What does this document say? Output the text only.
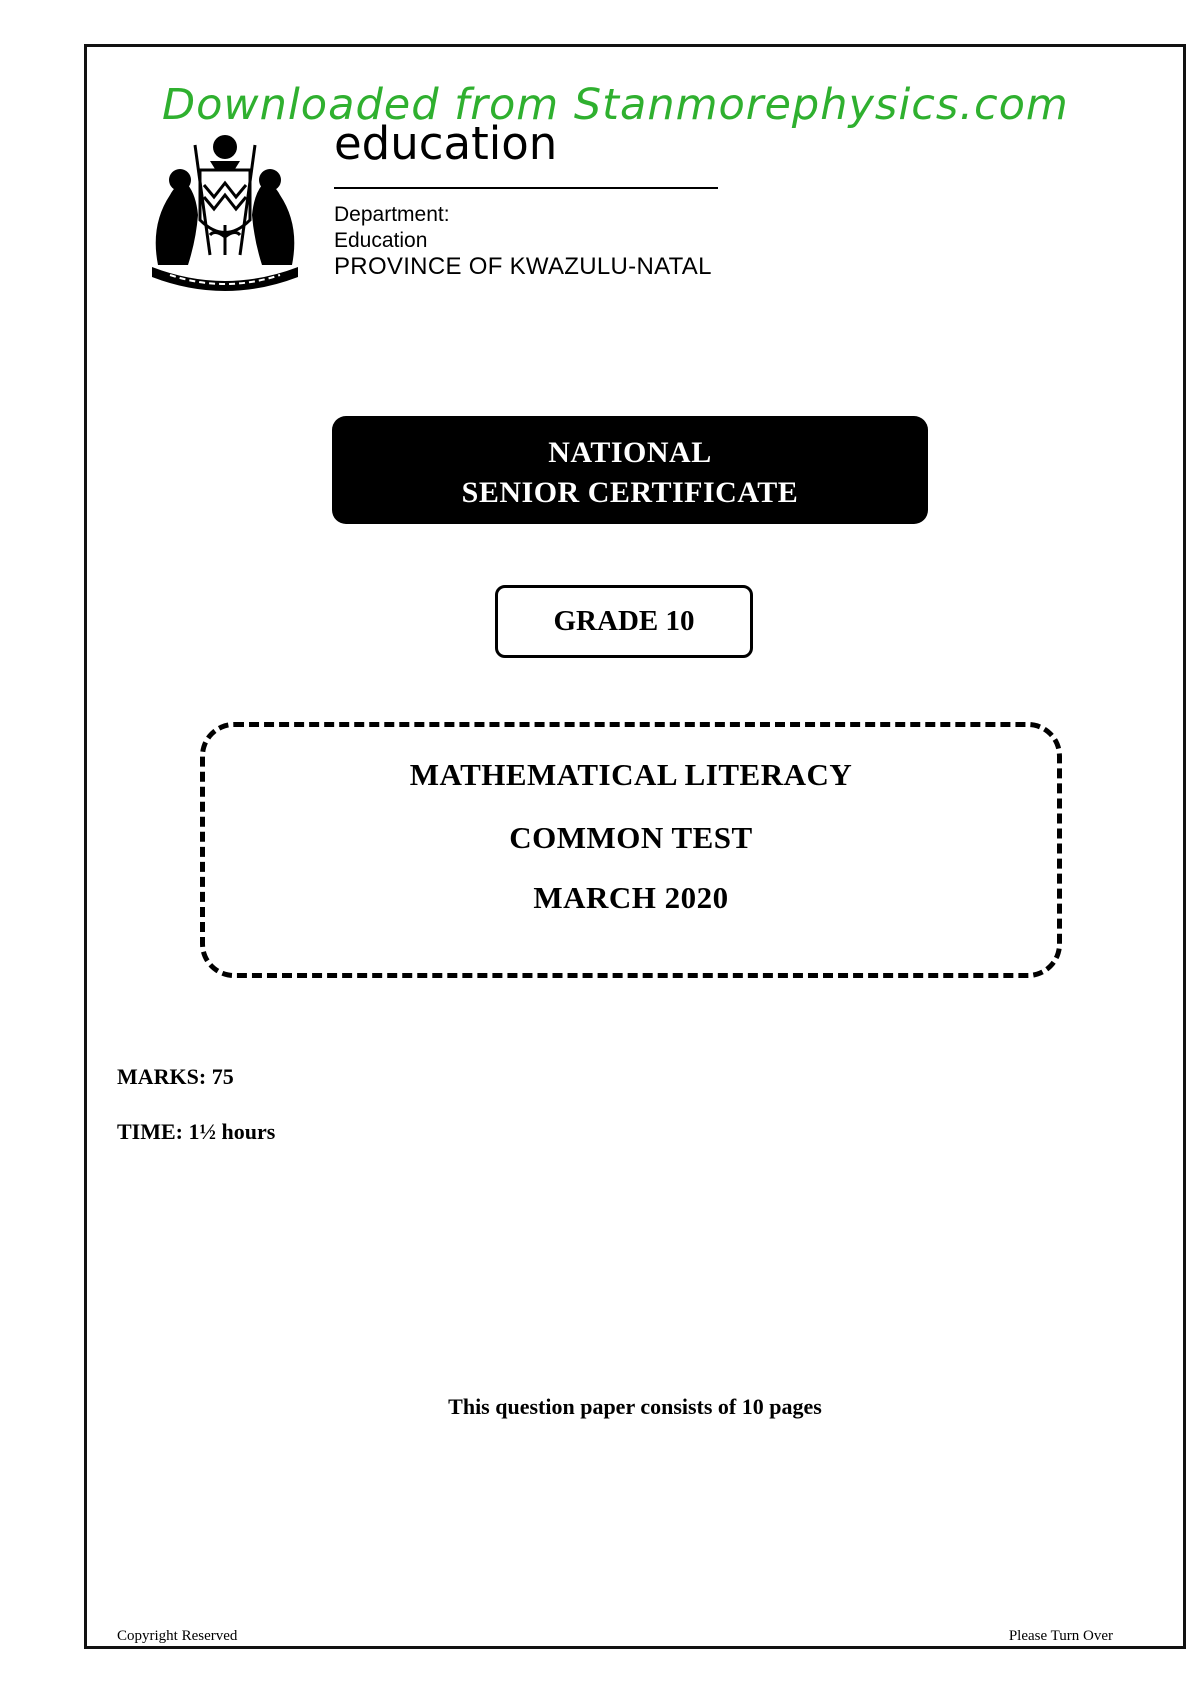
Downloaded from Stanmorephysics.com
education
Department:
Education
PROVINCE OF KWAZULU-NATAL
NATIONAL
SENIOR CERTIFICATE
GRADE 10
MATHEMATICAL LITERACY
COMMON TEST
MARCH 2020
MARKS: 75
TIME: 1½ hours
This question paper consists of 10 pages
Copyright Reserved	Please Turn Over
